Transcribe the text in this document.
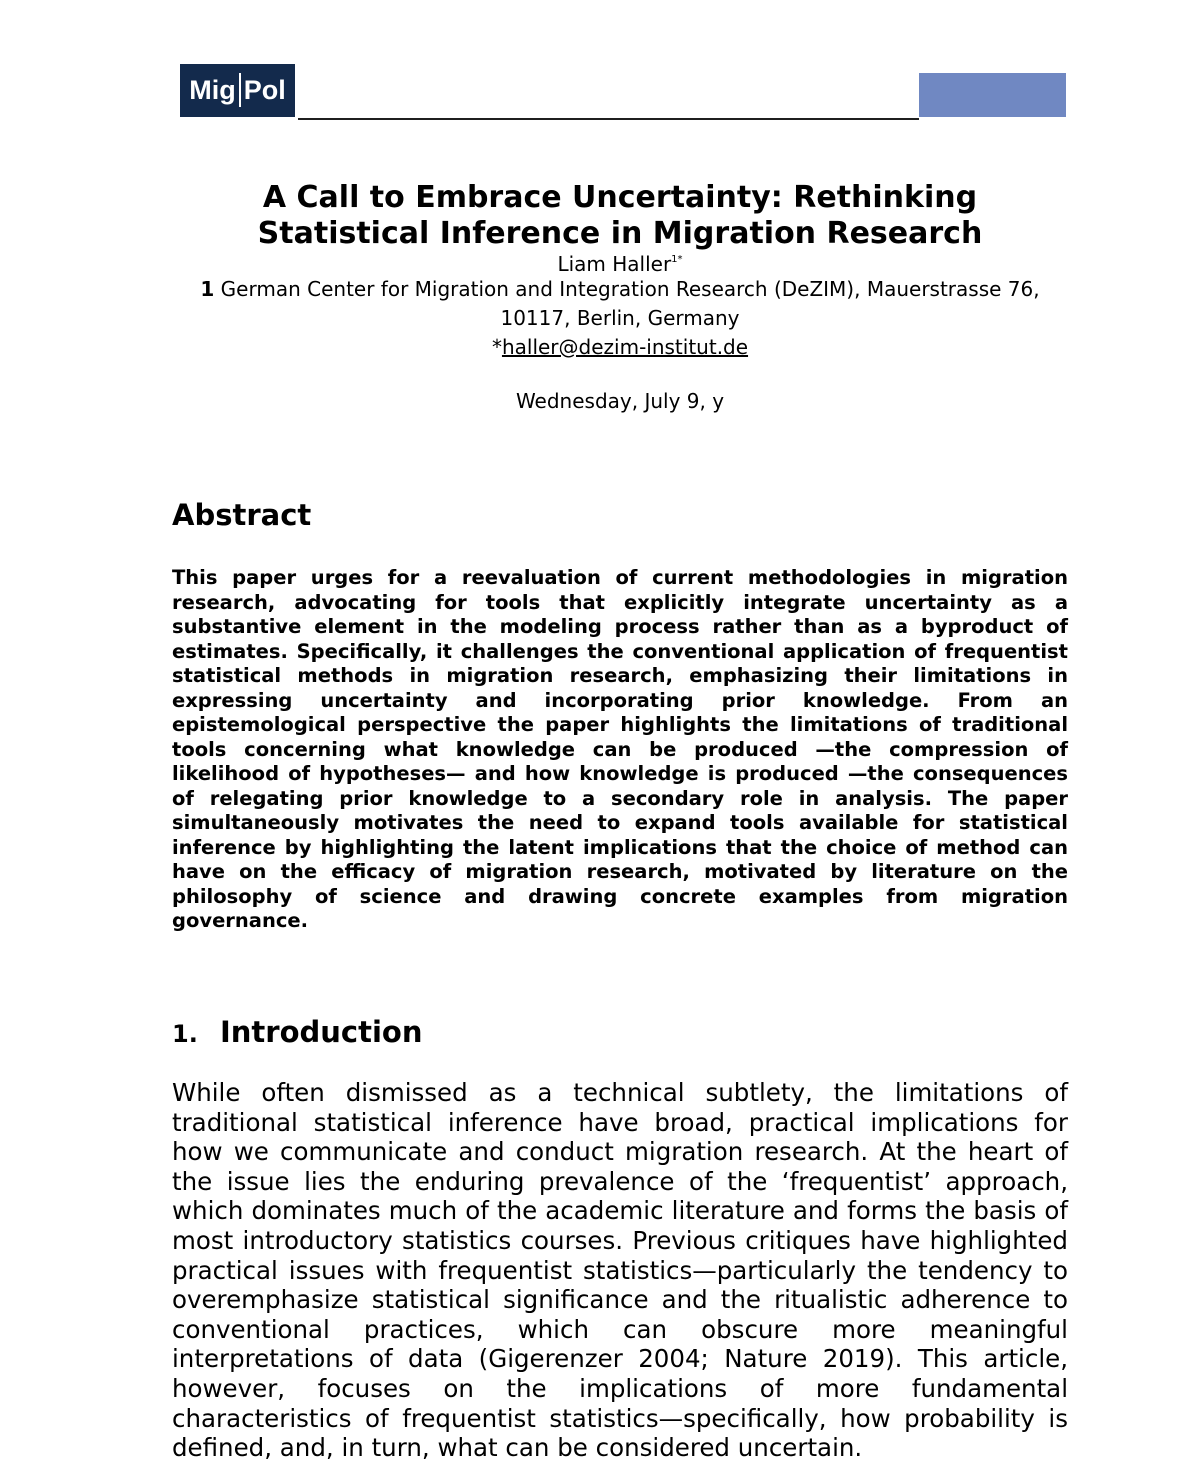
Mig Pol
A Call to Embrace Uncertainty: Rethinking Statistical Inference in Migration Research
Liam Haller$^{1*}$
1 German Center for Migration and Integration Research (DeZIM), Mauerstrasse 76, 10117, Berlin, Germany
*haller@dezim-institut.de
Wednesday, July 9, y
Abstract

This paper urges for a reevaluation of current methodologies in migration research, advocating for tools that explicitly integrate uncertainty as a substantive element in the modeling process rather than as a byproduct of estimates. Specifically, it challenges the conventional application of frequentist statistical methods in migration research, emphasizing their limitations in expressing uncertainty and incorporating prior knowledge. From an epistemological perspective the paper highlights the limitations of traditional tools concerning what knowledge can be produced —the compression of likelihood of hypotheses— and how knowledge is produced —the consequences of relegating prior knowledge to a secondary role in analysis. The paper simultaneously motivates the need to expand tools available for statistical inference by highlighting the latent implications that the choice of method can have on the efficacy of migration research, motivated by literature on the philosophy of science and drawing concrete examples from migration governance.

1. Introduction

While often dismissed as a technical subtlety, the limitations of traditional statistical inference have broad, practical implications for how we communicate and conduct migration research. At the heart of the issue lies the enduring prevalence of the ‘frequentist’ approach, which dominates much of the academic literature and forms the basis of most introductory statistics courses. Previous critiques have highlighted practical issues with frequentist statistics—particularly the tendency to overemphasize statistical significance and the ritualistic adherence to conventional practices, which can obscure more meaningful interpretations of data (Gigerenzer 2004; Nature 2019). This article, however, focuses on the implications of more fundamental characteristics of frequentist statistics—specifically, how probability is defined, and, in turn, what can be considered uncertain.
